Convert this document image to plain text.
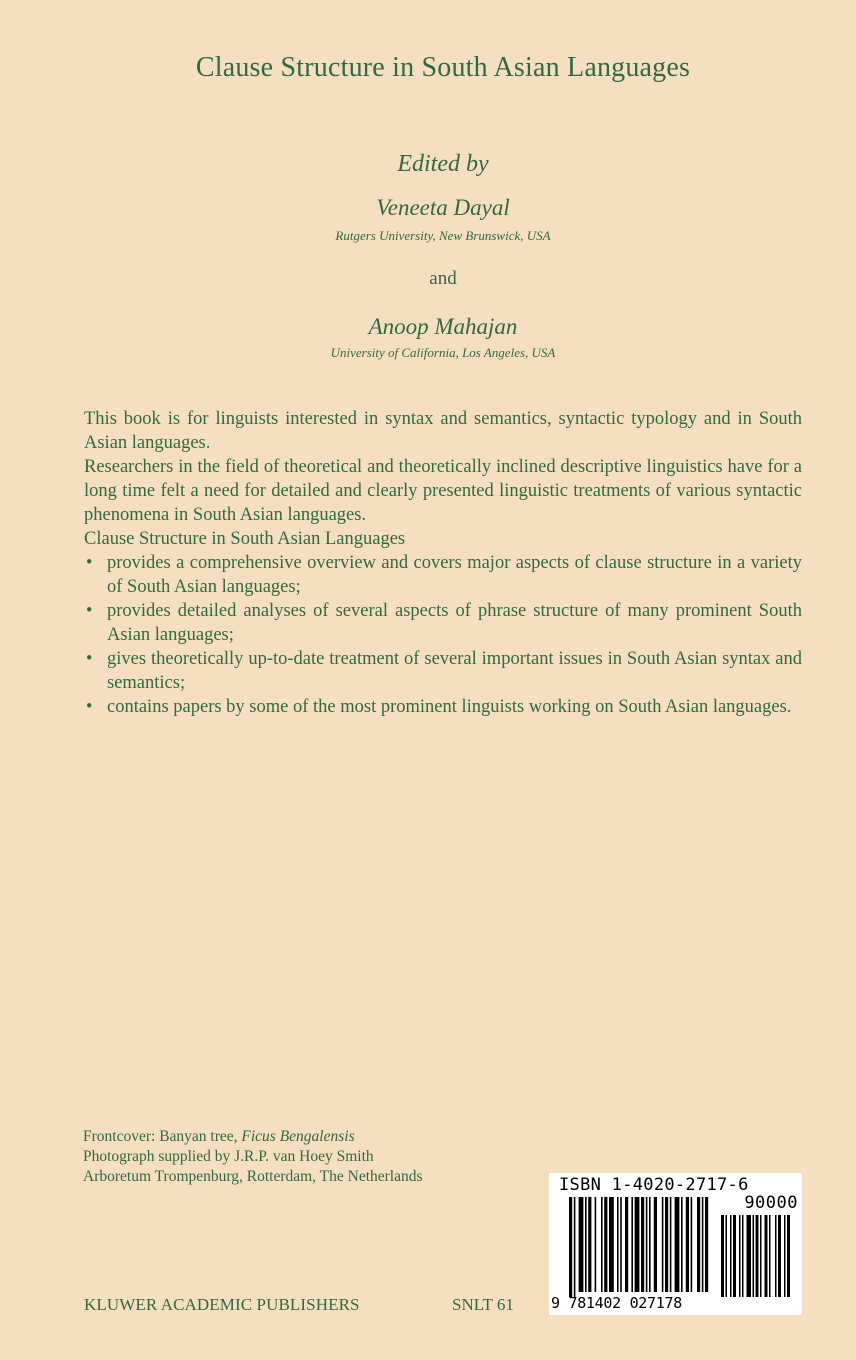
Clause Structure in South Asian Languages
Edited by
Veneeta Dayal
Rutgers University, New Brunswick, USA
and
Anoop Mahajan
University of California, Los Angeles, USA

This book is for linguists interested in syntax and semantics, syntactic typology and in South Asian languages.

Researchers in the field of theoretical and theoretically inclined descriptive linguistics have for a long time felt a need for detailed and clearly presented linguistic treatments of various syntactic phenomena in South Asian languages.

Clause Structure in South Asian Languages

• provides a comprehensive overview and covers major aspects of clause structure in a variety of South Asian languages;
• provides detailed analyses of several aspects of phrase structure of many prominent South Asian languages;
• gives theoretically up-to-date treatment of several important issues in South Asian syntax and semantics;
• contains papers by some of the most prominent linguists working on South Asian languages.
Frontcover: Banyan tree, Ficus Bengalensis
Photograph supplied by J.R.P. van Hoey Smith
Arboretum Trompenburg, Rotterdam, The Netherlands
KLUWER ACADEMIC PUBLISHERS	SNLT 61
ISBN 1-4020-2717-6
90000
9 781402 027178
